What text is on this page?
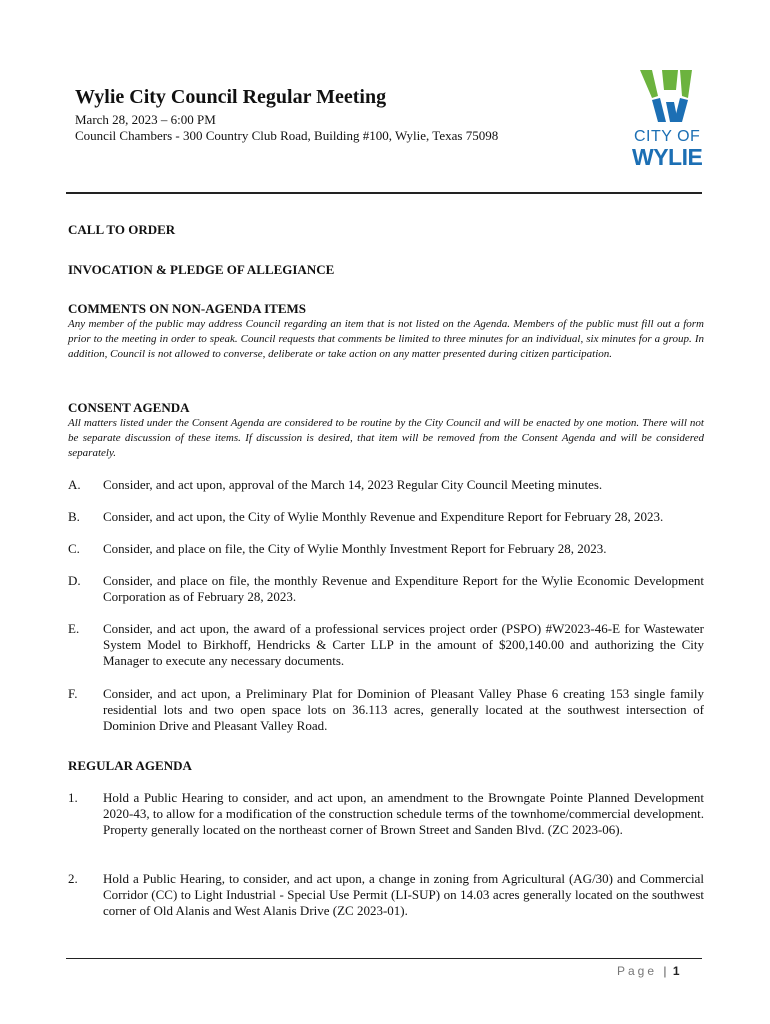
Wylie City Council Regular Meeting
March 28, 2023 – 6:00 PM
Council Chambers - 300 Country Club Road, Building #100, Wylie, Texas 75098	CITY OF
WYLIE
CALL TO ORDER
INVOCATION & PLEDGE OF ALLEGIANCE
COMMENTS ON NON-AGENDA ITEMS
Any member of the public may address Council regarding an item that is not listed on the Agenda. Members of the public must fill out a form prior to the meeting in order to speak. Council requests that comments be limited to three minutes for an individual, six minutes for a group. In addition, Council is not allowed to converse, deliberate or take action on any matter presented during citizen participation.
CONSENT AGENDA
All matters listed under the Consent Agenda are considered to be routine by the City Council and will be enacted by one motion. There will not be separate discussion of these items. If discussion is desired, that item will be removed from the Consent Agenda and will be considered separately.
A. Consider, and act upon, approval of the March 14, 2023 Regular City Council Meeting minutes.
B. Consider, and act upon, the City of Wylie Monthly Revenue and Expenditure Report for February 28, 2023.
C. Consider, and place on file, the City of Wylie Monthly Investment Report for February 28, 2023.
D. Consider, and place on file, the monthly Revenue and Expenditure Report for the Wylie Economic Development Corporation as of February 28, 2023.
E. Consider, and act upon, the award of a professional services project order (PSPO) #W2023-46-E for Wastewater System Model to Birkhoff, Hendricks & Carter LLP in the amount of $200,140.00 and authorizing the City Manager to execute any necessary documents.
F. Consider, and act upon, a Preliminary Plat for Dominion of Pleasant Valley Phase 6 creating 153 single family residential lots and two open space lots on 36.113 acres, generally located at the southwest intersection of Dominion Drive and Pleasant Valley Road.
REGULAR AGENDA
1. Hold a Public Hearing to consider, and act upon, an amendment to the Browngate Pointe Planned Development 2020-43, to allow for a modification of the construction schedule terms of the townhome/commercial development. Property generally located on the northeast corner of Brown Street and Sanden Blvd. (ZC 2023-06).
2. Hold a Public Hearing, to consider, and act upon, a change in zoning from Agricultural (AG/30) and Commercial Corridor (CC) to Light Industrial - Special Use Permit (LI-SUP) on 14.03 acres generally located on the southwest corner of Old Alanis and West Alanis Drive (ZC 2023-01).
Page | 1
